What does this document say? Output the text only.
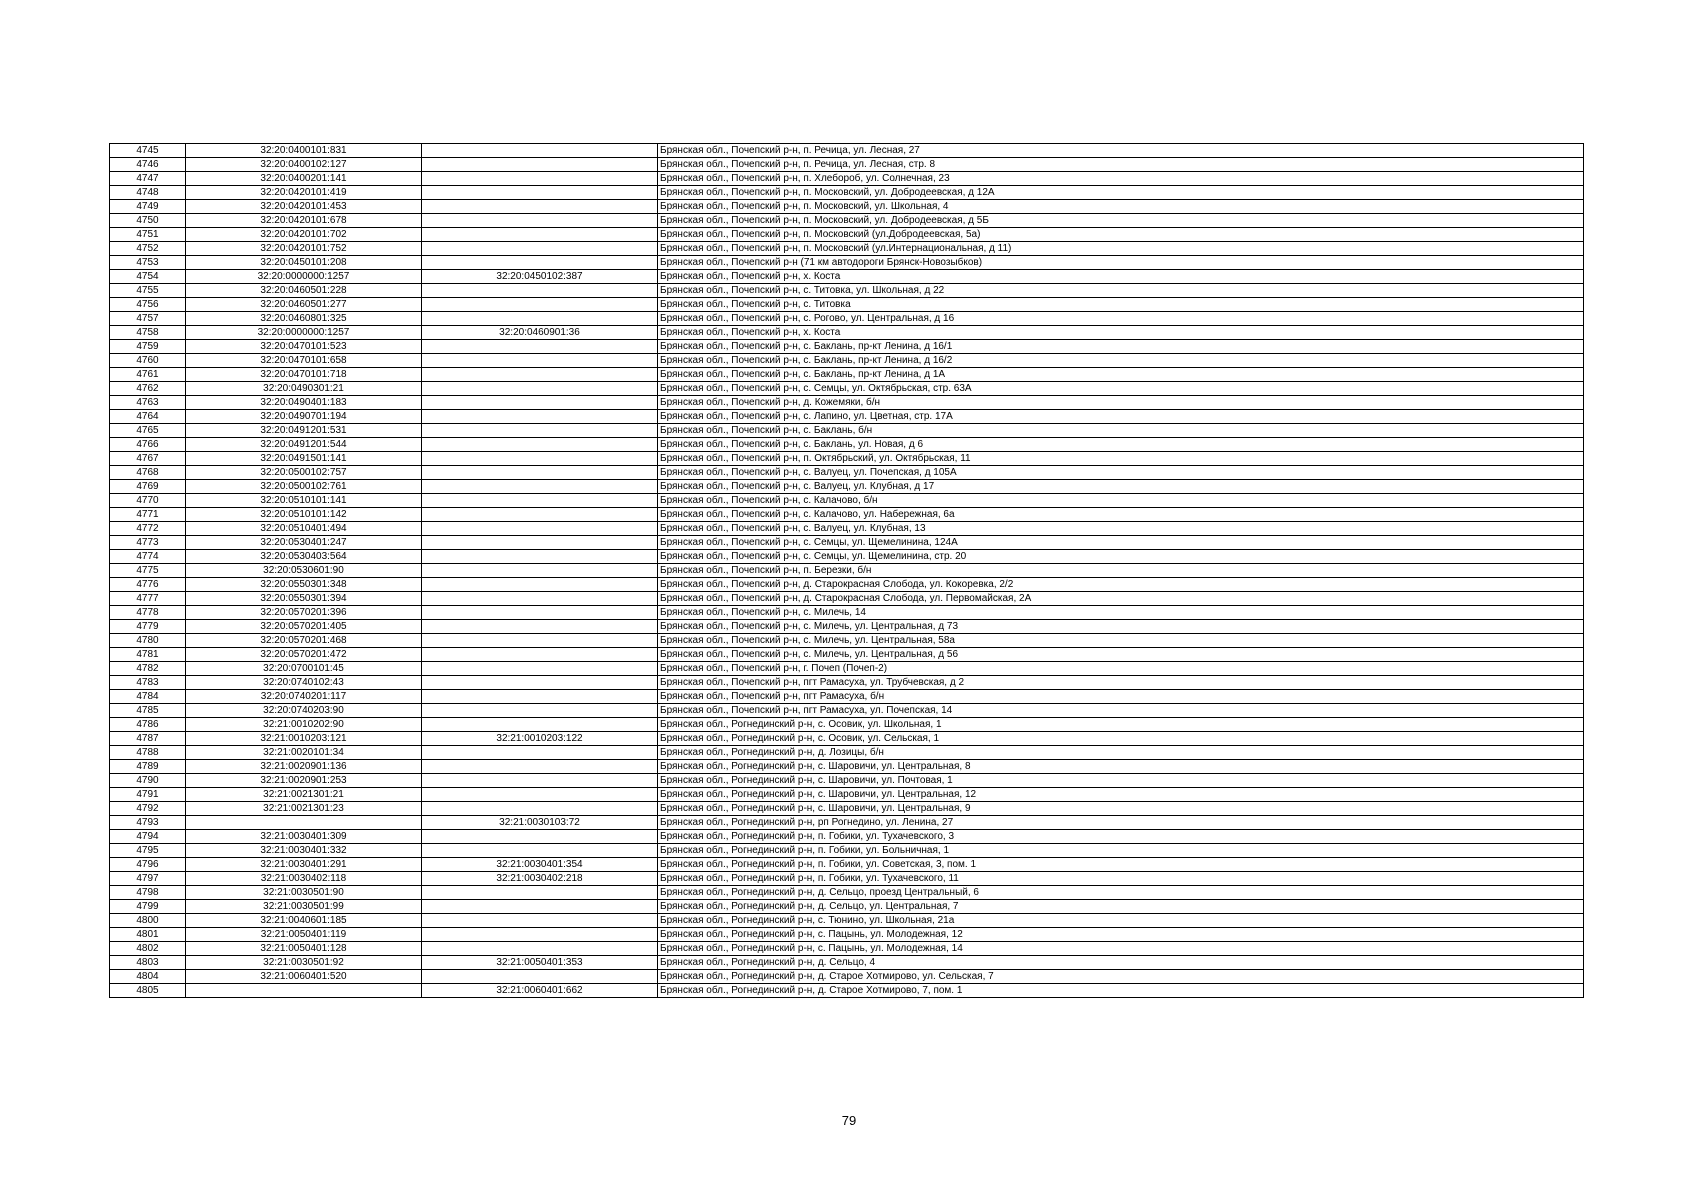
4745	32:20:0400101:831		Брянская обл., Почепский р-н, п. Речица, ул. Лесная, 27
4746	32:20:0400102:127		Брянская обл., Почепский р-н, п. Речица, ул. Лесная, стр. 8
4747	32:20:0400201:141		Брянская обл., Почепский р-н, п. Хлебороб, ул. Солнечная, 23
4748	32:20:0420101:419		Брянская обл., Почепский р-н, п. Московский, ул. Добродеевская, д 12А
4749	32:20:0420101:453		Брянская обл., Почепский р-н, п. Московский, ул. Школьная, 4
4750	32:20:0420101:678		Брянская обл., Почепский р-н, п. Московский, ул. Добродеевская, д 5Б
4751	32:20:0420101:702		Брянская обл., Почепский р-н, п. Московский (ул.Добродеевская, 5а)
4752	32:20:0420101:752		Брянская обл., Почепский р-н, п. Московский (ул.Интернациональная, д 11)
4753	32:20:0450101:208		Брянская обл., Почепский р-н (71 км автодороги Брянск-Новозыбков)
4754	32:20:0000000:1257	32:20:0450102:387	Брянская обл., Почепский р-н, х. Коста
4755	32:20:0460501:228		Брянская обл., Почепский р-н, с. Титовка, ул. Школьная, д 22
4756	32:20:0460501:277		Брянская обл., Почепский р-н, с. Титовка
4757	32:20:0460801:325		Брянская обл., Почепский р-н, с. Рогово, ул. Центральная, д 16
4758	32:20:0000000:1257	32:20:0460901:36	Брянская обл., Почепский р-н, х. Коста
4759	32:20:0470101:523		Брянская обл., Почепский р-н, с. Баклань, пр-кт Ленина, д 16/1
4760	32:20:0470101:658		Брянская обл., Почепский р-н, с. Баклань, пр-кт Ленина, д 16/2
4761	32:20:0470101:718		Брянская обл., Почепский р-н, с. Баклань, пр-кт Ленина, д 1А
4762	32:20:0490301:21		Брянская обл., Почепский р-н, с. Семцы, ул. Октябрьская, стр. 63А
4763	32:20:0490401:183		Брянская обл., Почепский р-н, д. Кожемяки, б/н
4764	32:20:0490701:194		Брянская обл., Почепский р-н, с. Лапино, ул. Цветная, стр. 17А
4765	32:20:0491201:531		Брянская обл., Почепский р-н, с. Баклань, б/н
4766	32:20:0491201:544		Брянская обл., Почепский р-н, с. Баклань, ул. Новая, д 6
4767	32:20:0491501:141		Брянская обл., Почепский р-н, п. Октябрьский, ул. Октябрьская, 11
4768	32:20:0500102:757		Брянская обл., Почепский р-н, с. Валуец, ул. Почепская, д 105А
4769	32:20:0500102:761		Брянская обл., Почепский р-н, с. Валуец, ул. Клубная, д 17
4770	32:20:0510101:141		Брянская обл., Почепский р-н, с. Калачово, б/н
4771	32:20:0510101:142		Брянская обл., Почепский р-н, с. Калачово, ул. Набережная, 6а
4772	32:20:0510401:494		Брянская обл., Почепский р-н, с. Валуец, ул. Клубная, 13
4773	32:20:0530401:247		Брянская обл., Почепский р-н, с. Семцы, ул. Щемелинина, 124А
4774	32:20:0530403:564		Брянская обл., Почепский р-н, с. Семцы, ул. Щемелинина, стр. 20
4775	32:20:0530601:90		Брянская обл., Почепский р-н, п. Березки, б/н
4776	32:20:0550301:348		Брянская обл., Почепский р-н, д. Старокрасная Слобода, ул. Кокоревка, 2/2
4777	32:20:0550301:394		Брянская обл., Почепский р-н, д. Старокрасная Слобода, ул. Первомайская, 2А
4778	32:20:0570201:396		Брянская обл., Почепский р-н, с. Милечь, 14
4779	32:20:0570201:405		Брянская обл., Почепский р-н, с. Милечь, ул. Центральная, д 73
4780	32:20:0570201:468		Брянская обл., Почепский р-н, с. Милечь, ул. Центральная, 58а
4781	32:20:0570201:472		Брянская обл., Почепский р-н, с. Милечь, ул. Центральная, д 56
4782	32:20:0700101:45		Брянская обл., Почепский р-н, г. Почеп (Почеп-2)
4783	32:20:0740102:43		Брянская обл., Почепский р-н, пгт Рамасуха, ул. Трубчевская, д 2
4784	32:20:0740201:117		Брянская обл., Почепский р-н, пгт Рамасуха, б/н
4785	32:20:0740203:90		Брянская обл., Почепский р-н, пгт Рамасуха, ул. Почепская, 14
4786	32:21:0010202:90		Брянская обл., Рогнединский р-н, с. Осовик, ул. Школьная, 1
4787	32:21:0010203:121	32:21:0010203:122	Брянская обл., Рогнединский р-н, с. Осовик, ул. Сельская, 1
4788	32:21:0020101:34		Брянская обл., Рогнединский р-н, д. Лозицы, б/н
4789	32:21:0020901:136		Брянская обл., Рогнединский р-н, с. Шаровичи, ул. Центральная, 8
4790	32:21:0020901:253		Брянская обл., Рогнединский р-н, с. Шаровичи, ул. Почтовая, 1
4791	32:21:0021301:21		Брянская обл., Рогнединский р-н, с. Шаровичи, ул. Центральная, 12
4792	32:21:0021301:23		Брянская обл., Рогнединский р-н, с. Шаровичи, ул. Центральная, 9
4793		32:21:0030103:72	Брянская обл., Рогнединский р-н, рп Рогнедино, ул. Ленина, 27
4794	32:21:0030401:309		Брянская обл., Рогнединский р-н, п. Гобики, ул. Тухачевского, 3
4795	32:21:0030401:332		Брянская обл., Рогнединский р-н, п. Гобики, ул. Больничная, 1
4796	32:21:0030401:291	32:21:0030401:354	Брянская обл., Рогнединский р-н, п. Гобики, ул. Советская, 3, пом. 1
4797	32:21:0030402:118	32:21:0030402:218	Брянская обл., Рогнединский р-н, п. Гобики, ул. Тухачевского, 11
4798	32:21:0030501:90		Брянская обл., Рогнединский р-н, д. Сельцо, проезд Центральный, 6
4799	32:21:0030501:99		Брянская обл., Рогнединский р-н, д. Сельцо, ул. Центральная, 7
4800	32:21:0040601:185		Брянская обл., Рогнединский р-н, с. Тюнино, ул. Школьная, 21а
4801	32:21:0050401:119		Брянская обл., Рогнединский р-н, с. Пацынь, ул. Молодежная, 12
4802	32:21:0050401:128		Брянская обл., Рогнединский р-н, с. Пацынь, ул. Молодежная, 14
4803	32:21:0030501:92	32:21:0050401:353	Брянская обл., Рогнединский р-н, д. Сельцо, 4
4804	32:21:0060401:520		Брянская обл., Рогнединский р-н, д. Старое Хотмирово, ул. Сельская, 7
4805		32:21:0060401:662	Брянская обл., Рогнединский р-н, д. Старое Хотмирово, 7, пом. 1
79
